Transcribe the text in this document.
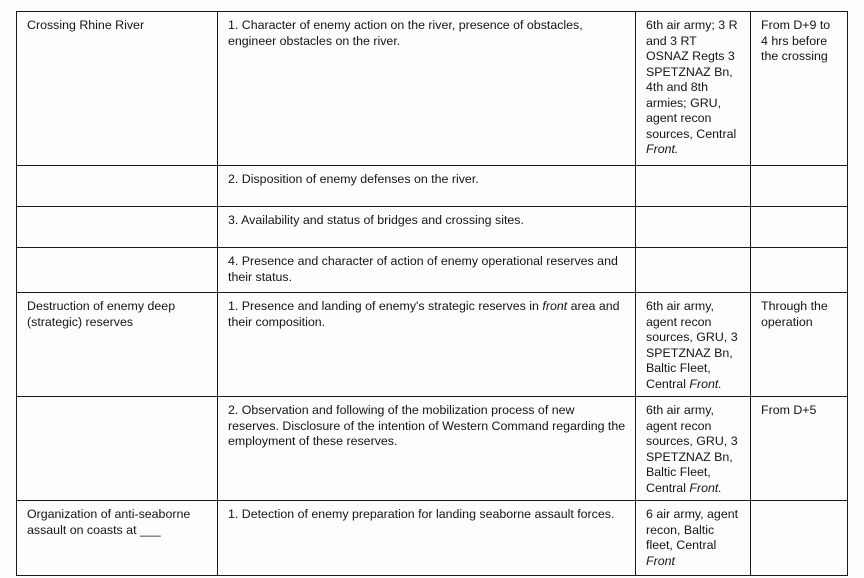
Crossing Rhine River	1. Character of enemy action on the river, presence of obstacles, engineer obstacles on the river.	6th air army; 3 R and 3 RT OSNAZ Regts 3 SPETZNAZ Bn, 4th and 8th armies; GRU, agent recon sources, Central Front.	From D+9 to 4 hrs before the crossing
	2. Disposition of enemy defenses on the river.		
	3. Availability and status of bridges and crossing sites.		
	4. Presence and character of action of enemy operational reserves and their status.		
Destruction of enemy deep (strategic) reserves	1. Presence and landing of enemy's strategic reserves in front area and their composition.	6th air army, agent recon sources, GRU, 3 SPETZNAZ Bn, Baltic Fleet, Central Front.	Through the operation
	2. Observation and following of the mobilization process of new reserves. Disclosure of the intention of Western Command regarding the employment of these reserves.	6th air army, agent recon sources, GRU, 3 SPETZNAZ Bn, Baltic Fleet, Central Front.	From D+5
Organization of anti-seaborne assault on coasts at ___	1. Detection of enemy preparation for landing seaborne assault forces.	6 air army, agent recon, Baltic fleet, Central Front	
